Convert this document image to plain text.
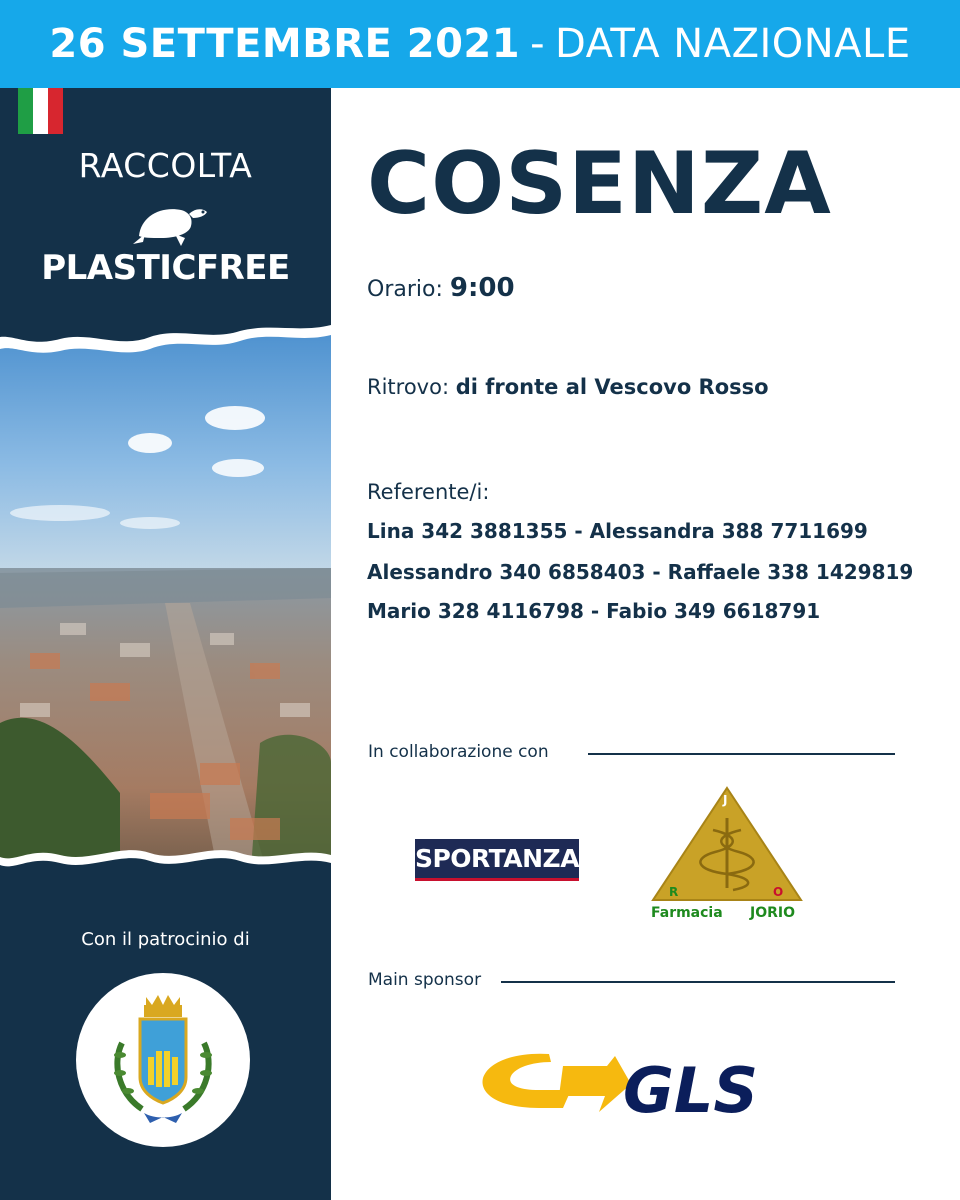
26 SETTEMBRE 2021 - DATA NAZIONALE
RACCOLTA
PLASTICFREE
Con il patrocinio di
COSENZA
Orario: 9:00
Ritrovo: di fronte al Vescovo Rosso
Referente/i:
Lina 342 3881355 - Alessandra 388 7711699
Alessandro 340 6858403 - Raffaele 338 1429819
Mario 328 4116798 - Fabio 349 6618791
In collaborazione con
SPORTANZA
J
R	O
Farmacia JORIO
Main sponsor
GLS
